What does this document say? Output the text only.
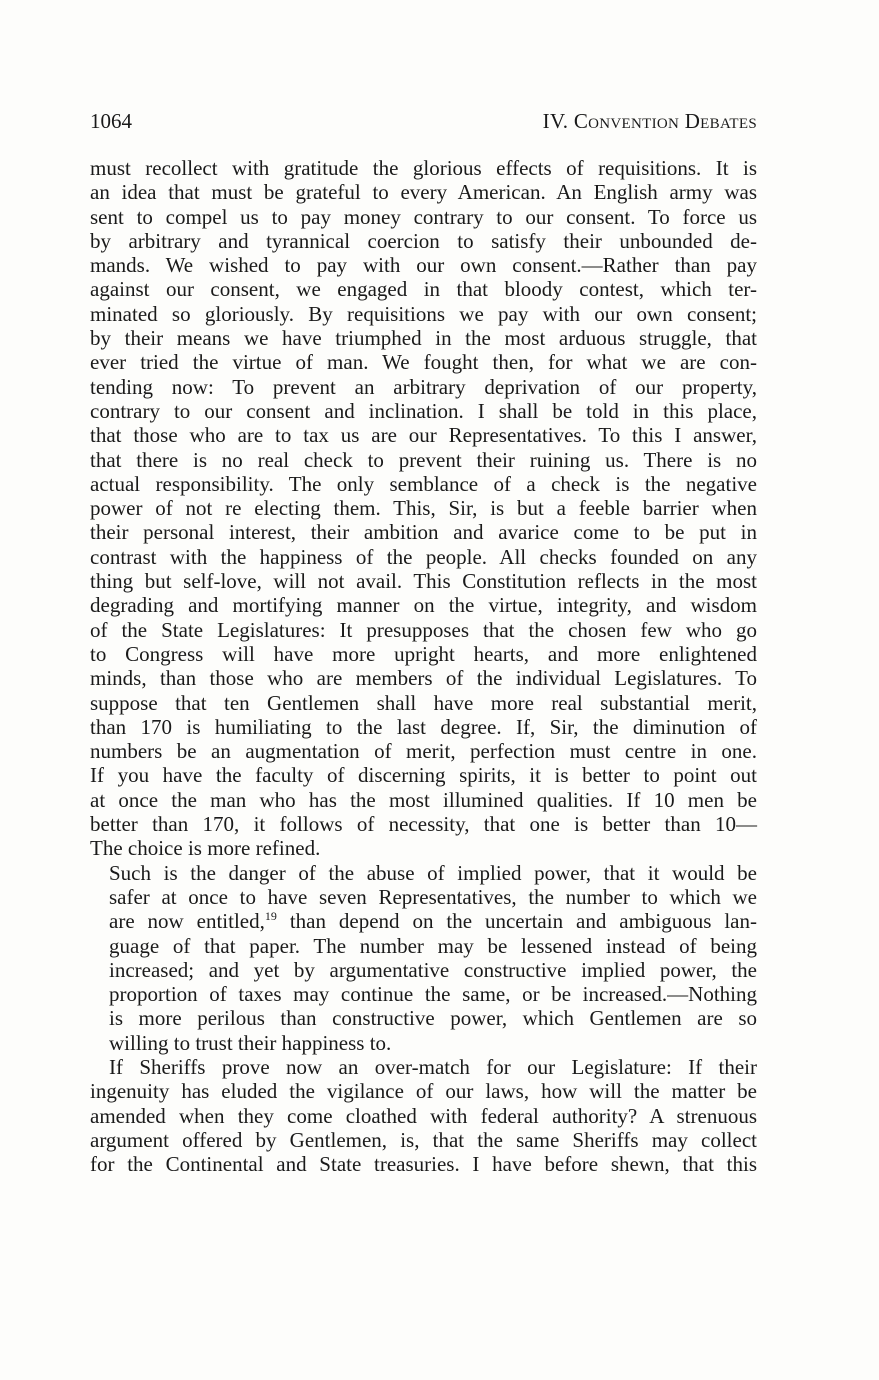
1064	IV. Convention Debates
must recollect with gratitude the glorious effects of requisitions. It is
an idea that must be grateful to every American. An English army was
sent to compel us to pay money contrary to our consent. To force us
by arbitrary and tyrannical coercion to satisfy their unbounded de-
mands. We wished to pay with our own consent.—Rather than pay
against our consent, we engaged in that bloody contest, which ter-
minated so gloriously. By requisitions we pay with our own consent;
by their means we have triumphed in the most arduous struggle, that
ever tried the virtue of man. We fought then, for what we are con-
tending now: To prevent an arbitrary deprivation of our property,
contrary to our consent and inclination. I shall be told in this place,
that those who are to tax us are our Representatives. To this I answer,
that there is no real check to prevent their ruining us. There is no
actual responsibility. The only semblance of a check is the negative
power of not re electing them. This, Sir, is but a feeble barrier when
their personal interest, their ambition and avarice come to be put in
contrast with the happiness of the people. All checks founded on any
thing but self-love, will not avail. This Constitution reflects in the most
degrading and mortifying manner on the virtue, integrity, and wisdom
of the State Legislatures: It presupposes that the chosen few who go
to Congress will have more upright hearts, and more enlightened
minds, than those who are members of the individual Legislatures. To
suppose that ten Gentlemen shall have more real substantial merit,
than 170 is humiliating to the last degree. If, Sir, the diminution of
numbers be an augmentation of merit, perfection must centre in one.
If you have the faculty of discerning spirits, it is better to point out
at once the man who has the most illumined qualities. If 10 men be
better than 170, it follows of necessity, that one is better than 10—
The choice is more refined.
Such is the danger of the abuse of implied power, that it would be
safer at once to have seven Representatives, the number to which we
are now entitled,$^{19}$ than depend on the uncertain and ambiguous lan-
guage of that paper. The number may be lessened instead of being
increased; and yet by argumentative constructive implied power, the
proportion of taxes may continue the same, or be increased.—Nothing
is more perilous than constructive power, which Gentlemen are so
willing to trust their happiness to.
If Sheriffs prove now an over-match for our Legislature: If their
ingenuity has eluded the vigilance of our laws, how will the matter be
amended when they come cloathed with federal authority? A strenuous
argument offered by Gentlemen, is, that the same Sheriffs may collect
for the Continental and State treasuries. I have before shewn, that this
